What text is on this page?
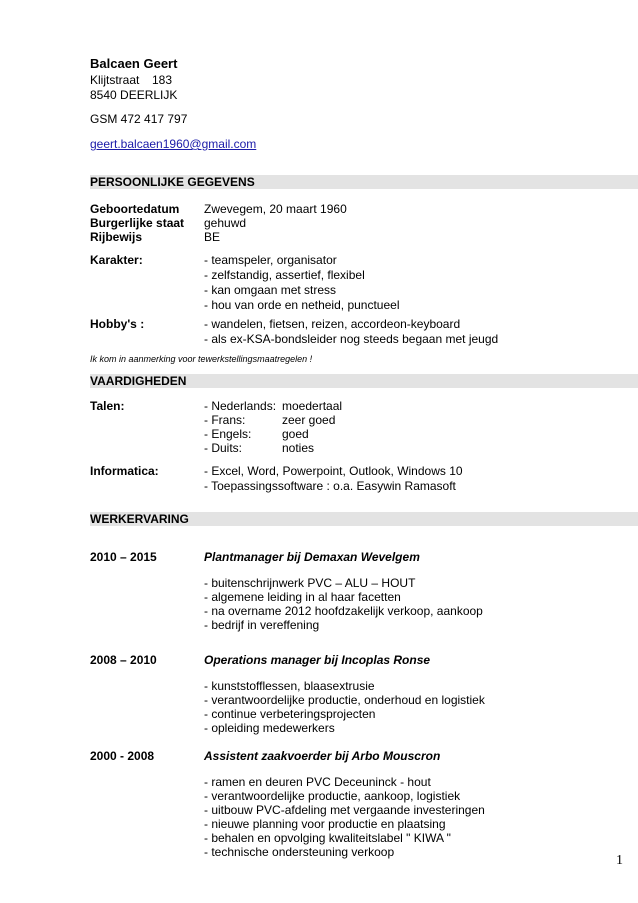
Balcaen Geert
Klijtstraat 183
8540 DEERLIJK
GSM 472 417 797
geert.balcaen1960@gmail.com
PERSOONLIJKE GEGEVENS
Geboortedatum Zwevegem, 20 maart 1960
Burgerlijke staat gehuwd
Rijbewijs	BE
Karakter:	- teamspeler, organisator
- zelfstandig, assertief, flexibel
- kan omgaan met stress
- hou van orde en netheid, punctueel
Hobby's :	- wandelen, fietsen, reizen, accordeon-keyboard
- als ex-KSA-bondsleider nog steeds begaan met jeugd
Ik kom in aanmerking voor tewerkstellingsmaatregelen !
VAARDIGHEDEN
Talen:	- Nederlands: moedertaal
- Frans:	zeer goed
- Engels:	goed
- Duits:	noties
Informatica:	- Excel, Word, Powerpoint, Outlook, Windows 10
- Toepassingssoftware : o.a. Easywin Ramasoft
WERKERVARING
2010 – 2015	Plantmanager bij Demaxan Wevelgem
- buitenschrijnwerk PVC – ALU – HOUT
- algemene leiding in al haar facetten
- na overname 2012 hoofdzakelijk verkoop, aankoop
- bedrijf in vereffening
2008 – 2010	Operations manager bij Incoplas Ronse
- kunststofflessen, blaasextrusie
- verantwoordelijke productie, onderhoud en logistiek
- continue verbeteringsprojecten
- opleiding medewerkers
2000 - 2008	Assistent zaakvoerder bij Arbo Mouscron
- ramen en deuren PVC Deceuninck - hout
- verantwoordelijke productie, aankoop, logistiek
- uitbouw PVC-afdeling met vergaande investeringen
- nieuwe planning voor productie en plaatsing
- behalen en opvolging kwaliteitslabel " KIWA "
- technische ondersteuning verkoop
1
